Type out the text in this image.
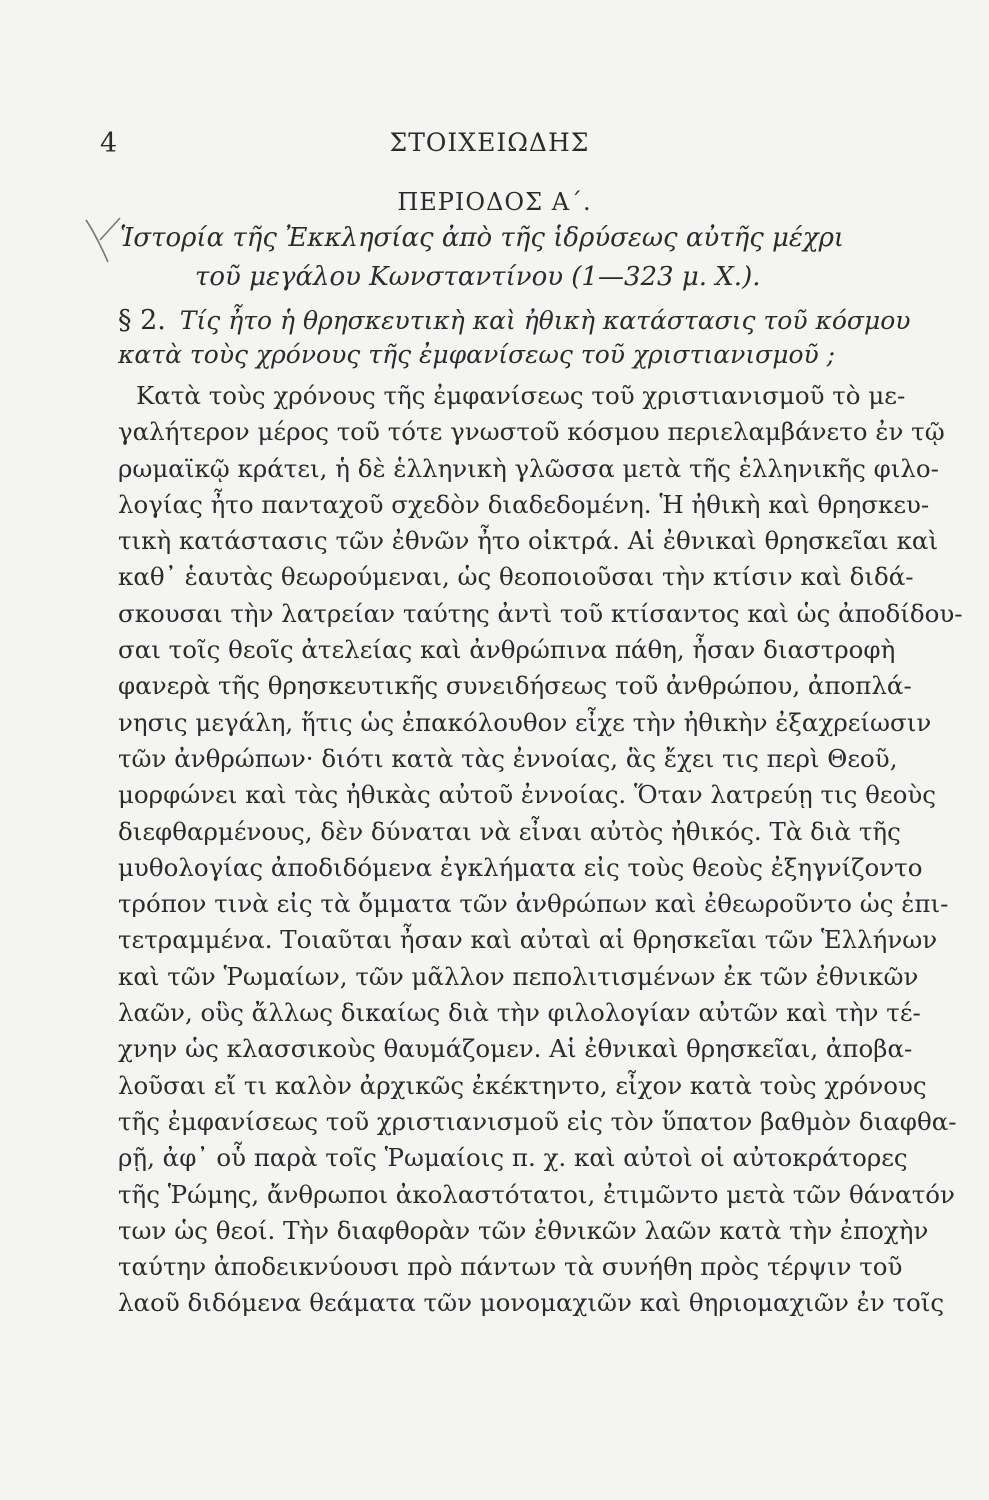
4	ΣΤΟΙΧΕΙΩΔΗΣ
ΠΕΡΙΟΔΟΣ Α΄.
Ἱστορία τῆς Ἐκκλησίας ἀπὸ τῆς ἱδρύσεως αὐτῆς μέχρι
τοῦ μεγάλου Κωνσταντίνου (1—323 μ. Χ.).
§ 2. Τίς ἦτο ἡ θρησκευτικὴ καὶ ἠθικὴ κατάστασις τοῦ κόσμου
κατὰ τοὺς χρόνους τῆς ἐμφανίσεως τοῦ χριστιανισμοῦ ;
Κατὰ τοὺς χρόνους τῆς ἐμφανίσεως τοῦ χριστιανισμοῦ τὸ με-
γαλήτερον μέρος τοῦ τότε γνωστοῦ κόσμου περιελαμβάνετο ἐν τῷ
ρωμαϊκῷ κράτει, ἡ δὲ ἑλληνικὴ γλῶσσα μετὰ τῆς ἑλληνικῆς φιλο-
λογίας ἦτο πανταχοῦ σχεδὸν διαδεδομένη. Ἡ ἠθικὴ καὶ θρησκευ-
τικὴ κατάστασις τῶν ἐθνῶν ἦτο οἰκτρά. Αἱ ἐθνικαὶ θρησκεῖαι καὶ
καθ᾽ ἑαυτὰς θεωρούμεναι, ὡς θεοποιοῦσαι τὴν κτίσιν καὶ διδά-
σκουσαι τὴν λατρείαν ταύτης ἀντὶ τοῦ κτίσαντος καὶ ὡς ἀποδίδου-
σαι τοῖς θεοῖς ἀτελείας καὶ ἀνθρώπινα πάθη, ἦσαν διαστροφὴ
φανερὰ τῆς θρησκευτικῆς συνειδήσεως τοῦ ἀνθρώπου, ἀποπλά-
νησις μεγάλη, ἥτις ὡς ἐπακόλουθον εἶχε τὴν ἠθικὴν ἐξαχρείωσιν
τῶν ἀνθρώπων· διότι κατὰ τὰς ἐννοίας, ἃς ἔχει τις περὶ Θεοῦ,
μορφώνει καὶ τὰς ἠθικὰς αὐτοῦ ἐννοίας. Ὅταν λατρεύῃ τις θεοὺς
διεφθαρμένους, δὲν δύναται νὰ εἶναι αὐτὸς ἠθικός. Τὰ διὰ τῆς
μυθολογίας ἀποδιδόμενα ἐγκλήματα εἰς τοὺς θεοὺς ἐξηγνίζοντο
τρόπον τινὰ εἰς τὰ ὄμματα τῶν ἀνθρώπων καὶ ἐθεωροῦντο ὡς ἐπι-
τετραμμένα. Τοιαῦται ἦσαν καὶ αὐταὶ αἱ θρησκεῖαι τῶν Ἑλλήνων
καὶ τῶν Ῥωμαίων, τῶν μᾶλλον πεπολιτισμένων ἐκ τῶν ἐθνικῶν
λαῶν, οὓς ἄλλως δικαίως διὰ τὴν φιλολογίαν αὐτῶν καὶ τὴν τέ-
χνην ὡς κλασσικοὺς θαυμάζομεν. Αἱ ἐθνικαὶ θρησκεῖαι, ἀποβα-
λοῦσαι εἴ τι καλὸν ἀρχικῶς ἐκέκτηντο, εἶχον κατὰ τοὺς χρόνους
τῆς ἐμφανίσεως τοῦ χριστιανισμοῦ εἰς τὸν ὕπατον βαθμὸν διαφθα-
ρῇ, ἀφ᾽ οὗ παρὰ τοῖς Ῥωμαίοις π. χ. καὶ αὐτοὶ οἱ αὐτοκράτορες
τῆς Ῥώμης, ἄνθρωποι ἀκολαστότατοι, ἐτιμῶντο μετὰ τῶν θάνατόν
των ὡς θεοί. Τὴν διαφθορὰν τῶν ἐθνικῶν λαῶν κατὰ τὴν ἐποχὴν
ταύτην ἀποδεικνύουσι πρὸ πάντων τὰ συνήθη πρὸς τέρψιν τοῦ
λαοῦ διδόμενα θεάματα τῶν μονομαχιῶν καὶ θηριομαχιῶν ἐν τοῖς
